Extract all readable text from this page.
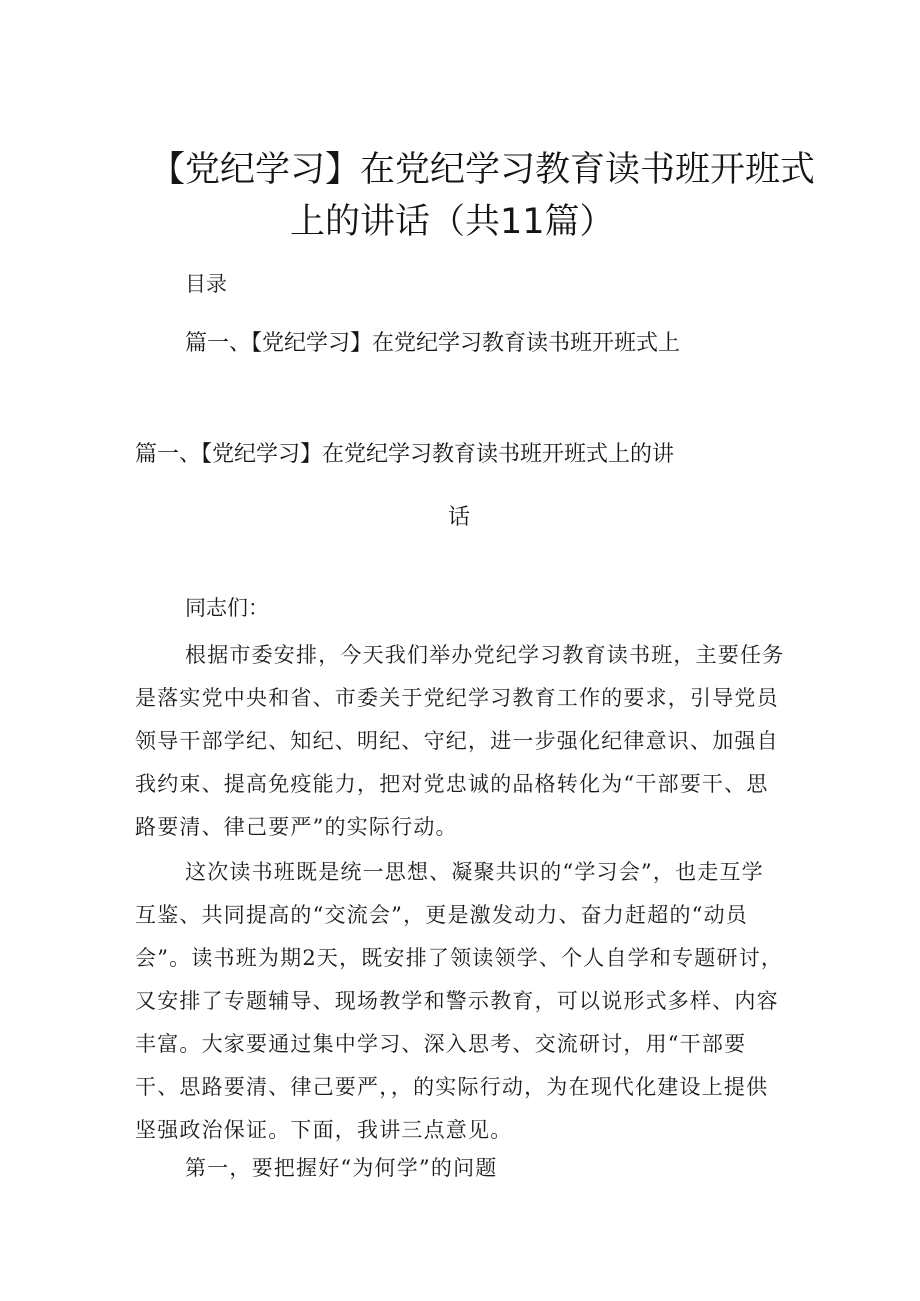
【党纪学习】在党纪学习教育读书班开班式
上的讲话（共11篇）
目录
篇一、【党纪学习】在党纪学习教育读书班开班式上
篇一、【党纪学习】在党纪学习教育读书班开班式上的讲
话
同志们：

根据市委安排，今天我们举办党纪学习教育读书班，主要任务是落实党中央和省、市委关于党纪学习教育工作的要求，引导党员领导干部学纪、知纪、明纪、守纪，进一步强化纪律意识、加强自我约束、提高免疫能力，把对党忠诚的品格转化为“干部要干、思路要清、律己要严”的实际行动。

这次读书班既是统一思想、凝聚共识的“学习会”，也走互学互鉴、共同提高的“交流会”，更是激发动力、奋力赶超的“动员会”。读书班为期2天，既安排了领读领学、个人自学和专题研讨，又安排了专题辅导、现场教学和警示教育，可以说形式多样、内容丰富。大家要通过集中学习、深入思考、交流研讨，用“干部要干、思路要清、律己要严，，的实际行动，为在现代化建设上提供坚强政治保证。下面，我讲三点意见。

第一，要把握好“为何学”的问题
